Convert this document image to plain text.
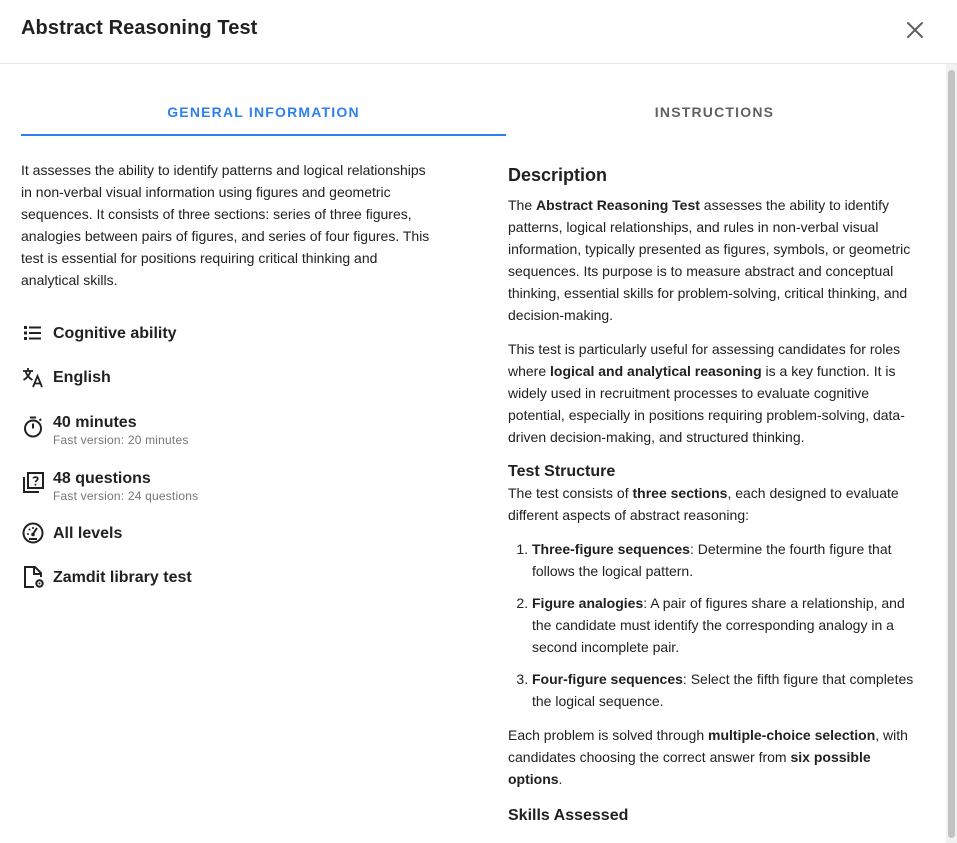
Abstract Reasoning Test
GENERAL INFORMATION	INSTRUCTIONS
It assesses the ability to identify patterns and logical relationships in non-verbal visual information using figures and geometric sequences. It consists of three sections: series of three figures, analogies between pairs of figures, and series of four figures. This test is essential for positions requiring critical thinking and analytical skills.
Cognitive ability
English
40 minutes
Fast version: 20 minutes
48 questions
Fast version: 24 questions
All levels
Zamdit library test
Description

The Abstract Reasoning Test assesses the ability to identify patterns, logical relationships, and rules in non-verbal visual information, typically presented as figures, symbols, or geometric sequences. Its purpose is to measure abstract and conceptual thinking, essential skills for problem-solving, critical thinking, and decision-making.

This test is particularly useful for assessing candidates for roles where logical and analytical reasoning is a key function. It is widely used in recruitment processes to evaluate cognitive potential, especially in positions requiring problem-solving, data-driven decision-making, and structured thinking.

Test Structure
The test consists of three sections, each designed to evaluate different aspects of abstract reasoning:
1. Three-figure sequences: Determine the fourth figure that follows the logical pattern.
2. Figure analogies: A pair of figures share a relationship, and the candidate must identify the corresponding analogy in a second incomplete pair.
3. Four-figure sequences: Select the fifth figure that completes the logical sequence.

Each problem is solved through multiple-choice selection, with candidates choosing the correct answer from six possible options.

Skills Assessed
